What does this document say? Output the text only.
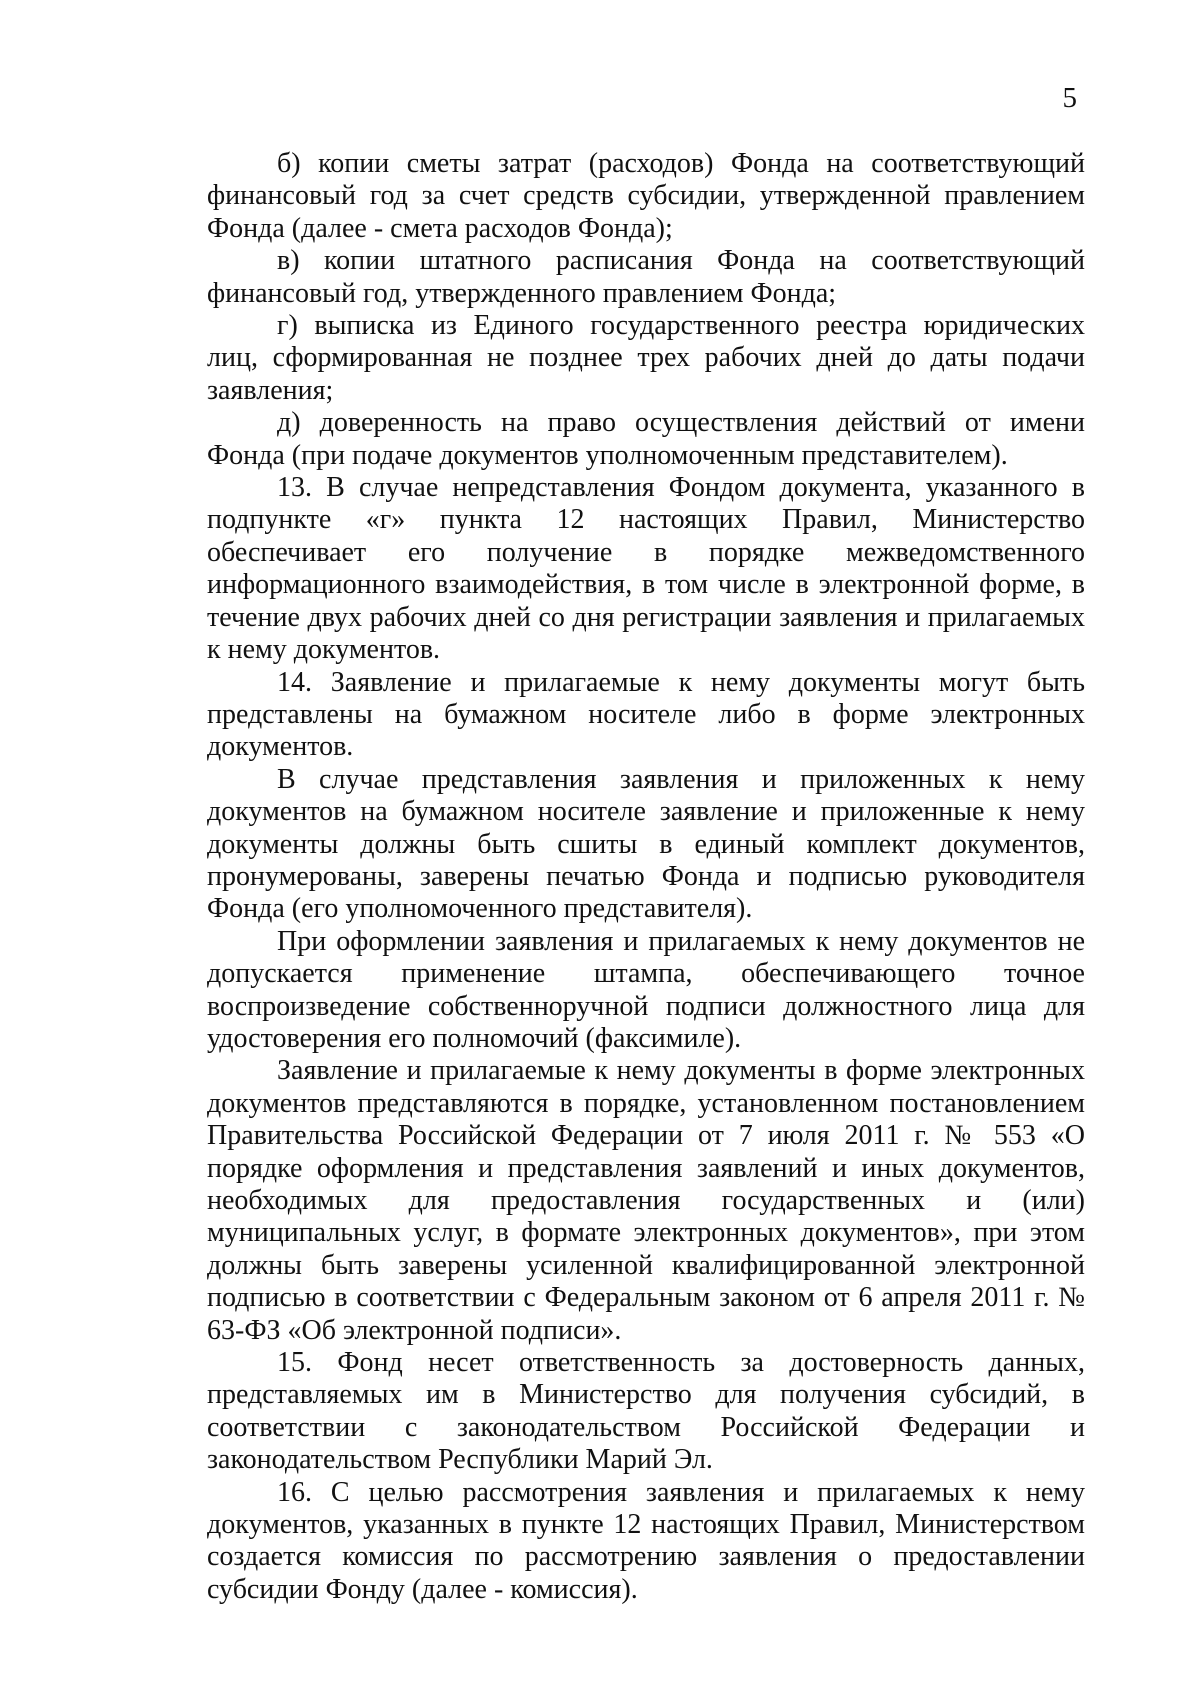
5

б) копии сметы затрат (расходов) Фонда на соответствующий финансовый год за счет средств субсидии, утвержденной правлением Фонда (далее - смета расходов Фонда);

в) копии штатного расписания Фонда на соответствующий финансовый год, утвержденного правлением Фонда;

г) выписка из Единого государственного реестра юридических лиц, сформированная не позднее трех рабочих дней до даты подачи заявления;

д) доверенность на право осуществления действий от имени Фонда (при подаче документов уполномоченным представителем).

13. В случае непредставления Фондом документа, указанного в подпункте «г» пункта 12 настоящих Правил, Министерство обеспечивает его получение в порядке межведомственного информационного взаимодействия, в том числе в электронной форме, в течение двух рабочих дней со дня регистрации заявления и прилагаемых к нему документов.

14. Заявление и прилагаемые к нему документы могут быть представлены на бумажном носителе либо в форме электронных документов.

В случае представления заявления и приложенных к нему документов на бумажном носителе заявление и приложенные к нему документы должны быть сшиты в единый комплект документов, пронумерованы, заверены печатью Фонда и подписью руководителя Фонда (его уполномоченного представителя).

При оформлении заявления и прилагаемых к нему документов не допускается применение штампа, обеспечивающего точное воспроизведение собственноручной подписи должностного лица для удостоверения его полномочий (факсимиле).

Заявление и прилагаемые к нему документы в форме электронных документов представляются в порядке, установленном постановлением Правительства Российской Федерации от 7 июля 2011 г. № 553 «О порядке оформления и представления заявлений и иных документов, необходимых для предоставления государственных и (или) муниципальных услуг, в формате электронных документов», при этом должны быть заверены усиленной квалифицированной электронной подписью в соответствии с Федеральным законом от 6 апреля 2011 г. № 63-ФЗ «Об электронной подписи».

15. Фонд несет ответственность за достоверность данных, представляемых им в Министерство для получения субсидий, в соответствии с законодательством Российской Федерации и законодательством Республики Марий Эл.

16. С целью рассмотрения заявления и прилагаемых к нему документов, указанных в пункте 12 настоящих Правил, Министерством создается комиссия по рассмотрению заявления о предоставлении субсидии Фонду (далее - комиссия).
